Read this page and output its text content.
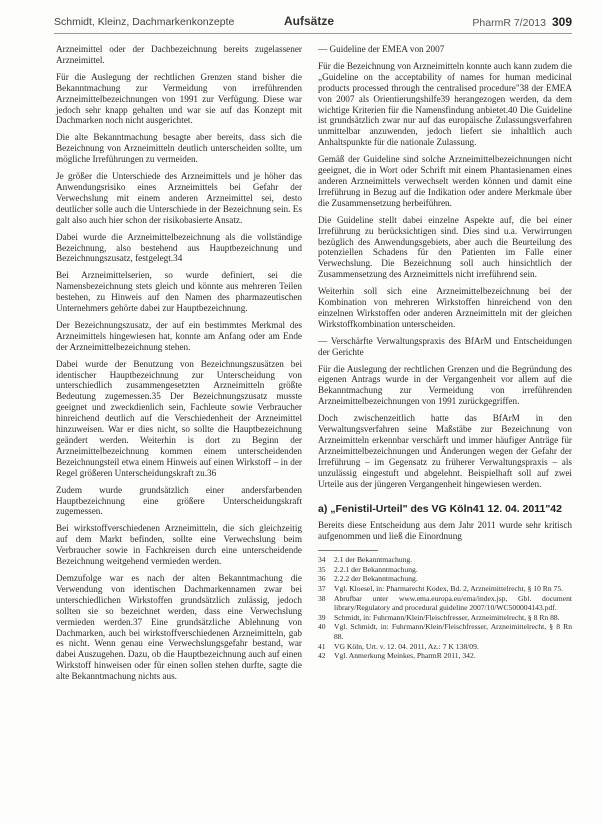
Schmidt, Kleinz, Dachmarkenkonzepte	Aufsätze	PharmR 7/2013 309

Arzneimittel oder der Dachbezeichnung bereits zugelassener Arzneimittel.

Für die Auslegung der rechtlichen Grenzen stand bisher die Bekanntmachung zur Vermeidung von irreführenden Arzneimittelbezeichnungen von 1991 zur Verfügung. Diese war jedoch sehr knapp gehalten und war sie auf das Konzept mit Dachmarken noch nicht ausgerichtet.

Die alte Bekanntmachung besagte aber bereits, dass sich die Bezeichnung von Arzneimitteln deutlich unterscheiden sollte, um mögliche Irreführungen zu vermeiden.

Je größer die Unterschiede des Arzneimittels und je höher das Anwendungsrisiko eines Arzneimittels bei Gefahr der Verwechslung mit einem anderen Arzneimittel sei, desto deutlicher solle auch die Unterschiede in der Bezeichnung sein. Es galt also auch hier schon der risikobasierte Ansatz.

Dabei wurde die Arzneimittelbezeichnung als die vollständige Bezeichnung, also bestehend aus Hauptbezeichnung und Bezeichnungszusatz, festgelegt.34

Bei Arzneimittelserien, so wurde definiert, sei die Namensbezeichnung stets gleich und könnte aus mehreren Teilen bestehen, zu Hinweis auf den Namen des pharmazeutischen Unternehmers gehörte dabei zur Hauptbezeichnung.

Der Bezeichnungszusatz, der auf ein bestimmtes Merkmal des Arzneimittels hingewiesen hat, konnte am Anfang oder am Ende der Arzneimittelbezeichnung stehen.

Dabei wurde der Benutzung von Bezeichnungszusätzen bei identischer Hauptbezeichnung zur Unterscheidung von unterschiedlich zusammengesetzten Arzneimitteln größte Bedeutung zugemessen.35 Der Bezeichnungszusatz musste geeignet und zweckdienlich sein, Fachleute sowie Verbraucher hinreichend deutlich auf die Verschiedenheit der Arzneimittel hinzuweisen. War er dies nicht, so sollte die Hauptbezeichnung geändert werden. Weiterhin is dort zu Beginn der Arzneimittelbezeichnung kommen einem unterscheidenden Bezeichnungsteil etwa einem Hinweis auf einen Wirkstoff – in der Regel größeren Unterscheidungskraft zu.36

Zudem wurde grundsätzlich einer andersfarbenden Hauptbezeichnung eine größere Unterscheidungskraft zugemessen.

Bei wirkstoffverschiedenen Arzneimitteln, die sich gleichzeitig auf dem Markt befinden, sollte eine Verwechslung beim Verbraucher sowie in Fachkreisen durch eine unterscheidende Bezeichnung weitgehend vermieden werden.

Demzufolge war es nach der alten Bekanntmachung die Verwendung von identischen Dachmarkennamen zwar bei unterschiedlichen Wirkstoffen grundsätzlich zulässig, jedoch sollten sie so bezeichnet werden, dass eine Verwechslung vermieden werden.37 Eine grundsätzliche Ablehnung von Dachmarken, auch bei wirkstoffverschiedenen Arzneimitteln, gab es nicht. Wenn genau eine Verwechslungsgefahr bestand, war dabei Auszugehen. Dazu, ob die Hauptbezeichnung auch auf einen Wirkstoff hinweisen oder für einen sollen stehen durfte, sagte die alte Bekanntmachung nichts aus.

— Guideline der EMEA von 2007

Für die Bezeichnung von Arzneimitteln konnte auch kann zudem die „Guideline on the acceptability of names for human medicinal products processed through the centralised procedure"38 der EMEA von 2007 als Orientierungshilfe39 herangezogen werden, da dem wichtige Kriterien für die Namensfindung anbietet.40 Die Guideline ist grundsätzlich zwar nur auf das europäische Zulassungsverfahren unmittelbar anzuwenden, jedoch liefert sie inhaltlich auch Anhaltspunkte für die nationale Zulassung.

Gemäß der Guideline sind solche Arzneimittelbezeichnungen nicht geeignet, die in Wort oder Schrift mit einem Phantasienamen eines anderen Arzneimittels verwechselt werden können und damit eine Irreführung in Bezug auf die Indikation oder andere Merkmale über die Zusammensetzung herbeiführen.

Die Guideline stellt dabei einzelne Aspekte auf, die bei einer Irreführung zu berücksichtigen sind. Dies sind u.a. Verwirrungen bezüglich des Anwendungsgebiets, aber auch die Beurteilung des potenziellen Schadens für den Patienten im Falle einer Verwechslung. Die Bezeichnung soll auch hinsichtlich der Zusammensetzung des Arzneimittels nicht irreführend sein.

Weiterhin soll sich eine Arzneimittelbezeichnung bei der Kombination von mehreren Wirkstoffen hinreichend von den einzelnen Wirkstoffen oder anderen Arzneimitteln mit der gleichen Wirkstoffkombination unterscheiden.

— Verschärfte Verwaltungspraxis des BfArM und Entscheidungen der Gerichte

Für die Auslegung der rechtlichen Grenzen und die Begründung des eigenen Antrags wurde in der Vergangenheit vor allem auf die Bekanntmachung zur Vermeidung von irreführenden Arzneimittelbezeichnungen von 1991 zurückgegriffen.

Doch zwischenzeitlich hatte das BfArM in den Verwaltungsverfahren seine Maßstäbe zur Bezeichnung von Arzneimitteln erkennbar verschärft und immer häufiger Anträge für Arzneimittelbezeichnungen und Änderungen wegen der Gefahr der Irreführung – im Gegensatz zu früherer Verwaltungspraxis – als unzulässig eingestuft und abgelehnt. Beispielhaft soll auf zwei Urteile aus der jüngeren Vergangenheit hingewiesen werden.

a) „Fenistil-Urteil" des VG Köln41 12. 04. 2011"42

Bereits diese Entscheidung aus dem Jahr 2011 wurde sehr kritisch aufgenommen und ließ die Einordnung

34	2.1 der Bekanntmachung.
35	2.2.1 der Bekanntmachung.
36	2.2.2 der Bekanntmachung.
37	Vgl. Kloesel, in: Pharmarecht Kodex, Bd. 2, Arzneimittelrecht, § 10 Rn 75.
38	Abrufbar unter www.ema.europa.eu/ema/index.jsp, Gbl. document library/Regulatory and procedural guideline 2007/10/WC500004143.pdf.
39	Schmidt, in: Fuhrmann/Klein/Fleischfresser, Arzneimittelrecht, § 8 Rn 88.
40	Vgl. Schmidt, in: Fuhrmann/Klein/Fleischfresser, Arzneimittelrecht, § 8 Rn 88.
41	VG Köln, Urt. v. 12. 04. 2011, Az.: 7 K 138/09.
42	Vgl. Anmerkung Meinkes, PharmR 2011, 342.
